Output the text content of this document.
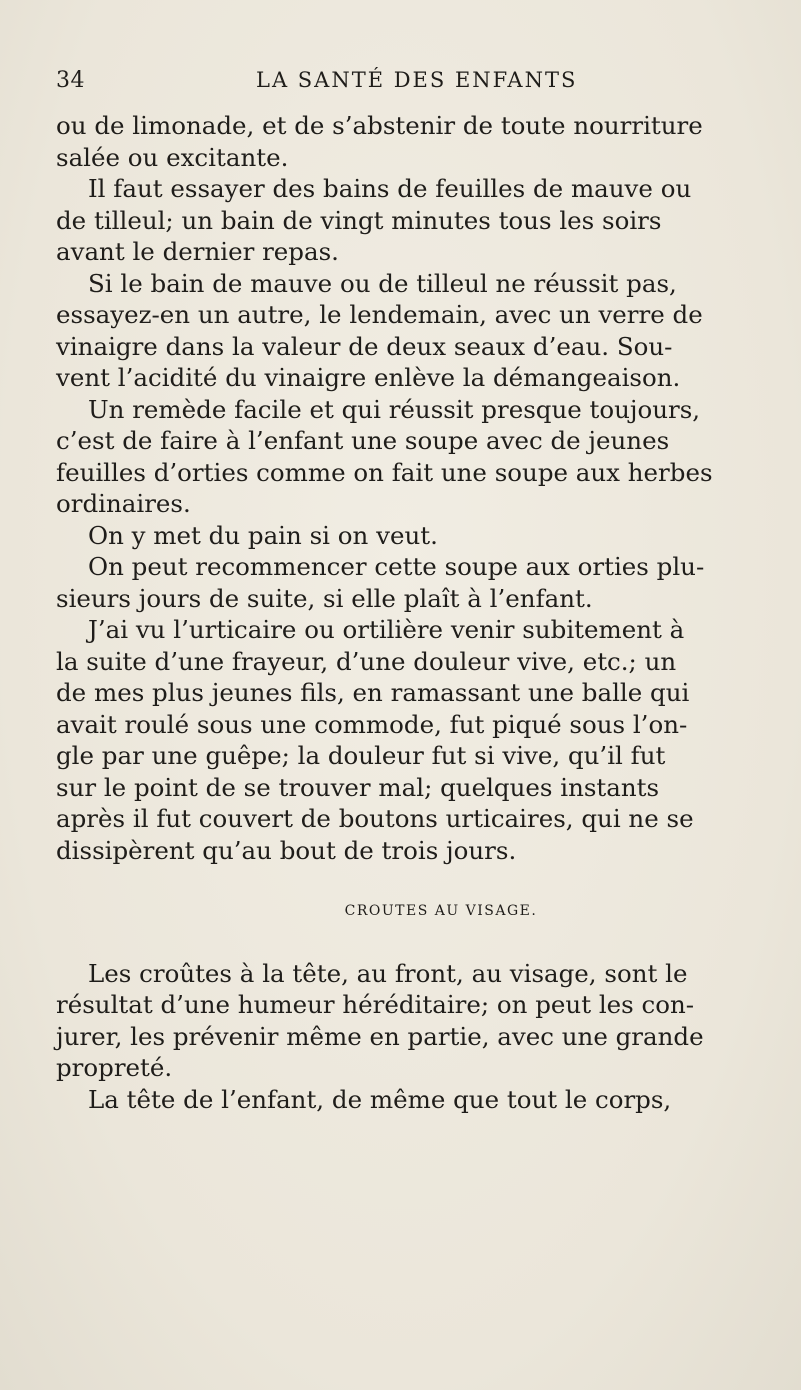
34	LA SANTÉ DES ENFANTS
ou de limonade, et de s’abstenir de toute nourriture
salée ou excitante.
Il faut essayer des bains de feuilles de mauve ou
de tilleul; un bain de vingt minutes tous les soirs
avant le dernier repas.
Si le bain de mauve ou de tilleul ne réussit pas,
essayez-en un autre, le lendemain, avec un verre de
vinaigre dans la valeur de deux seaux d’eau. Sou-
vent l’acidité du vinaigre enlève la démangeaison.
Un remède facile et qui réussit presque toujours,
c’est de faire à l’enfant une soupe avec de jeunes
feuilles d’orties comme on fait une soupe aux herbes
ordinaires.
On y met du pain si on veut.
On peut recommencer cette soupe aux orties plu-
sieurs jours de suite, si elle plaît à l’enfant.
J’ai vu l’urticaire ou ortilière venir subitement à
la suite d’une frayeur, d’une douleur vive, etc.; un
de mes plus jeunes fils, en ramassant une balle qui
avait roulé sous une commode, fut piqué sous l’on-
gle par une guêpe; la douleur fut si vive, qu’il fut
sur le point de se trouver mal; quelques instants
après il fut couvert de boutons urticaires, qui ne se
dissipèrent qu’au bout de trois jours.
CROUTES AU VISAGE.
Les croûtes à la tête, au front, au visage, sont le
résultat d’une humeur héréditaire; on peut les con-
jurer, les prévenir même en partie, avec une grande
propreté.
La tête de l’enfant, de même que tout le corps,
